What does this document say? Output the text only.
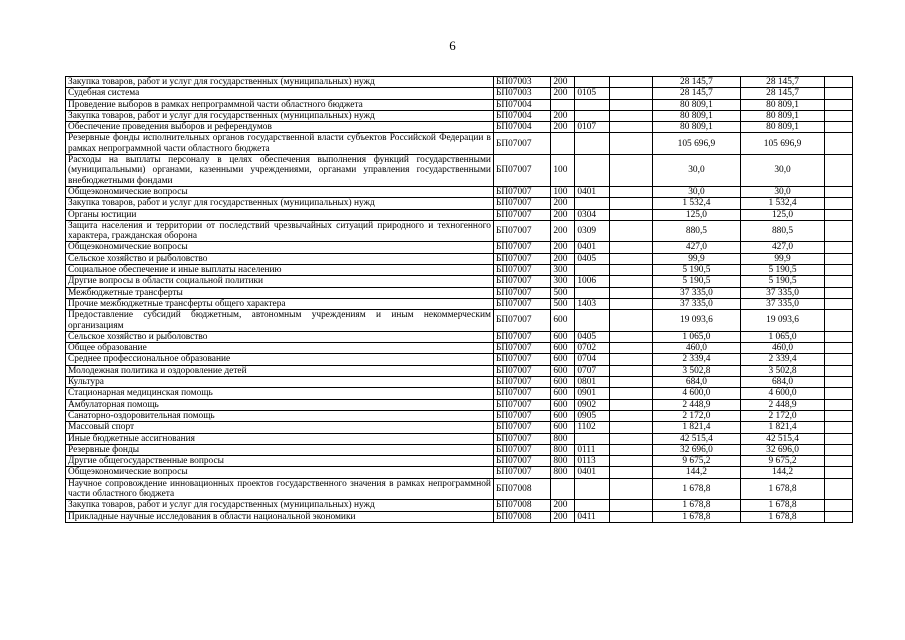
6
Закупка товаров, работ и услуг для государственных (муниципальных) нужд	БП07003	200			28 145,7	28 145,7	
Судебная система	БП07003	200	0105		28 145,7	28 145,7	
Проведение выборов в рамках непрограммной части областного бюджета	БП07004				80 809,1	80 809,1	
Закупка товаров, работ и услуг для государственных (муниципальных) нужд	БП07004	200			80 809,1	80 809,1	
Обеспечение проведения выборов и референдумов	БП07004	200	0107		80 809,1	80 809,1	
Резервные фонды исполнительных органов государственной власти субъектов Российской Федерации в рамках непрограммной части областного бюджета	БП07007				105 696,9	105 696,9	
Расходы на выплаты персоналу в целях обеспечения выполнения функций государственными (муниципальными) органами, казенными учреждениями, органами управления государственными внебюджетными фондами	БП07007	100			30,0	30,0	
Общеэкономические вопросы	БП07007	100	0401		30,0	30,0	
Закупка товаров, работ и услуг для государственных (муниципальных) нужд	БП07007	200			1 532,4	1 532,4	
Органы юстиции	БП07007	200	0304		125,0	125,0	
Защита населения и территории от последствий чрезвычайных ситуаций природного и техногенного характера, гражданская оборона	БП07007	200	0309		880,5	880,5	
Общеэкономические вопросы	БП07007	200	0401		427,0	427,0	
Сельское хозяйство и рыболовство	БП07007	200	0405		99,9	99,9	
Социальное обеспечение и иные выплаты населению	БП07007	300			5 190,5	5 190,5	
Другие вопросы в области социальной политики	БП07007	300	1006		5 190,5	5 190,5	
Межбюджетные трансферты	БП07007	500			37 335,0	37 335,0	
Прочие межбюджетные трансферты общего характера	БП07007	500	1403		37 335,0	37 335,0	
Предоставление субсидий бюджетным, автономным учреждениям и иным некоммерческим организациям	БП07007	600			19 093,6	19 093,6	
Сельское хозяйство и рыболовство	БП07007	600	0405		1 065,0	1 065,0	
Общее образование	БП07007	600	0702		460,0	460,0	
Среднее профессиональное образование	БП07007	600	0704		2 339,4	2 339,4	
Молодежная политика и оздоровление детей	БП07007	600	0707		3 502,8	3 502,8	
Культура	БП07007	600	0801		684,0	684,0	
Стационарная медицинская помощь	БП07007	600	0901		4 600,0	4 600,0	
Амбулаторная помощь	БП07007	600	0902		2 448,9	2 448,9	
Санаторно-оздоровительная помощь	БП07007	600	0905		2 172,0	2 172,0	
Массовый спорт	БП07007	600	1102		1 821,4	1 821,4	
Иные бюджетные ассигнования	БП07007	800			42 515,4	42 515,4	
Резервные фонды	БП07007	800	0111		32 696,0	32 696,0	
Другие общегосударственные вопросы	БП07007	800	0113		9 675,2	9 675,2	
Общеэкономические вопросы	БП07007	800	0401		144,2	144,2	
Научное сопровождение инновационных проектов государственного значения в рамках непрограммной части областного бюджета	БП07008				1 678,8	1 678,8	
Закупка товаров, работ и услуг для государственных (муниципальных) нужд	БП07008	200			1 678,8	1 678,8	
Прикладные научные исследования в области национальной экономики	БП07008	200	0411		1 678,8	1 678,8	
